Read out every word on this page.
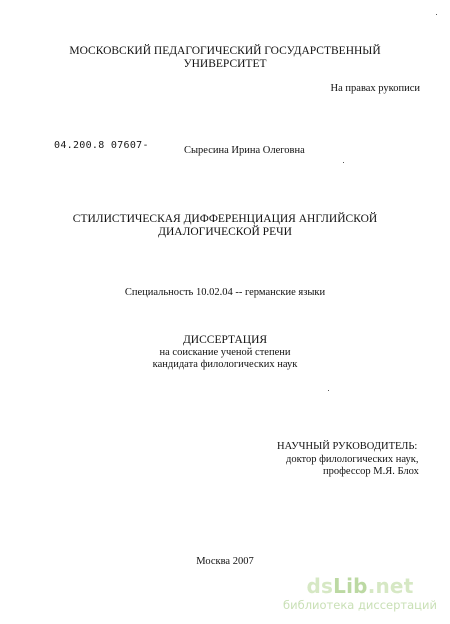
МОСКОВСКИЙ ПЕДАГОГИЧЕСКИЙ ГОСУДАРСТВЕННЫЙ
УНИВЕРСИТЕТ
На правах рукописи
04.200.8 07607-	Сыресина Ирина Олеговна
СТИЛИСТИЧЕСКАЯ ДИФФЕРЕНЦИАЦИЯ АНГЛИЙСКОЙ
ДИАЛОГИЧЕСКОЙ РЕЧИ
Специальность 10.02.04 -- германские языки
ДИССЕРТАЦИЯ
на соискание ученой степени
кандидата филологических наук
НАУЧНЫЙ РУКОВОДИТЕЛЬ:
доктор филологических наук,
профессор М.Я. Блох
Москва 2007
dsLib.net
библиотека диссертаций
